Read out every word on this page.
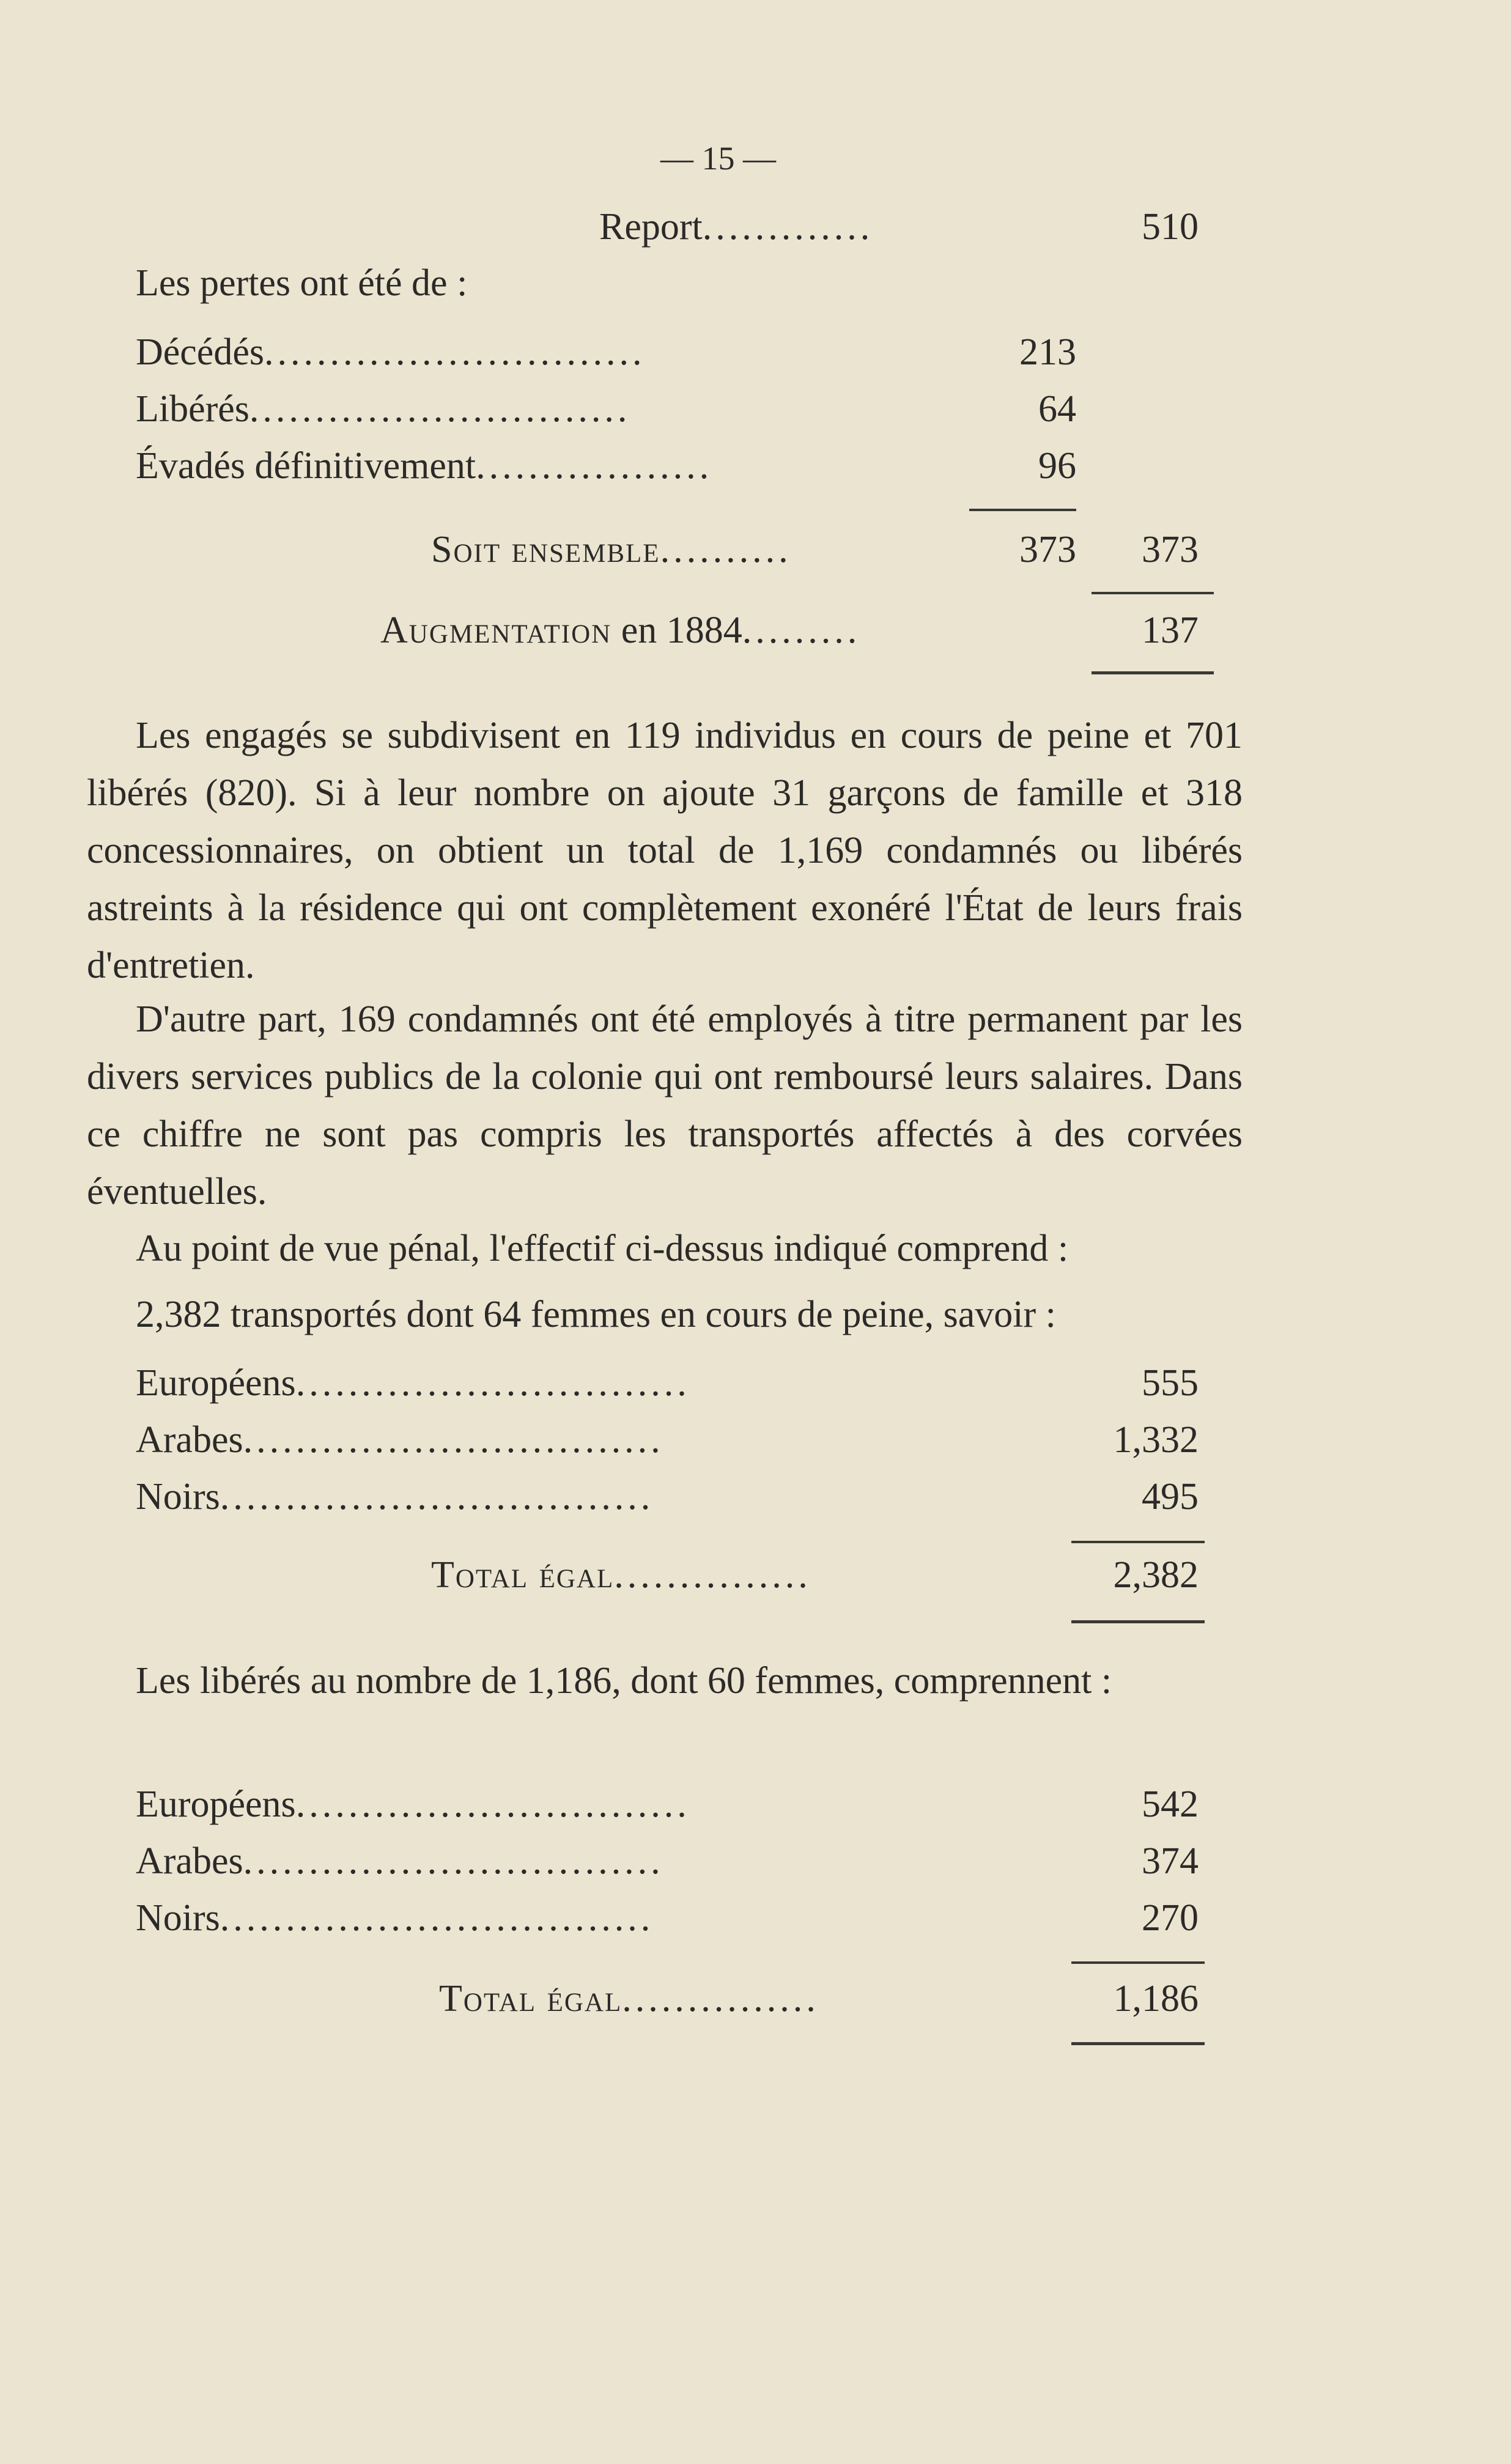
— 15 —
Report.............	510
Les pertes ont été de :
Décédés.............................	213
Libérés.............................	64
Évadés définitivement..................	96
Soit ensemble..........	373	373
Augmentation en 1884.........	137
Les engagés se subdivisent en 119 individus en cours de peine et 701 libérés (820). Si à leur nombre on ajoute 31 garçons de famille et 318 concessionnaires, on obtient un total de 1,169 condamnés ou libérés astreints à la résidence qui ont complètement exonéré l'État de leurs frais d'entretien.
D'autre part, 169 condamnés ont été employés à titre permanent par les divers services publics de la colonie qui ont remboursé leurs salaires. Dans ce chiffre ne sont pas compris les transportés affectés à des corvées éventuelles.
Au point de vue pénal, l'effectif ci-dessus indiqué comprend :
2,382 transportés dont 64 femmes en cours de peine, savoir :
Européens..............................	555
Arabes................................	1,332
Noirs.................................	495
Total égal...............	2,382
Les libérés au nombre de 1,186, dont 60 femmes, comprennent :
Européens..............................	542
Arabes................................	374
Noirs.................................	270
Total égal...............	1,186
